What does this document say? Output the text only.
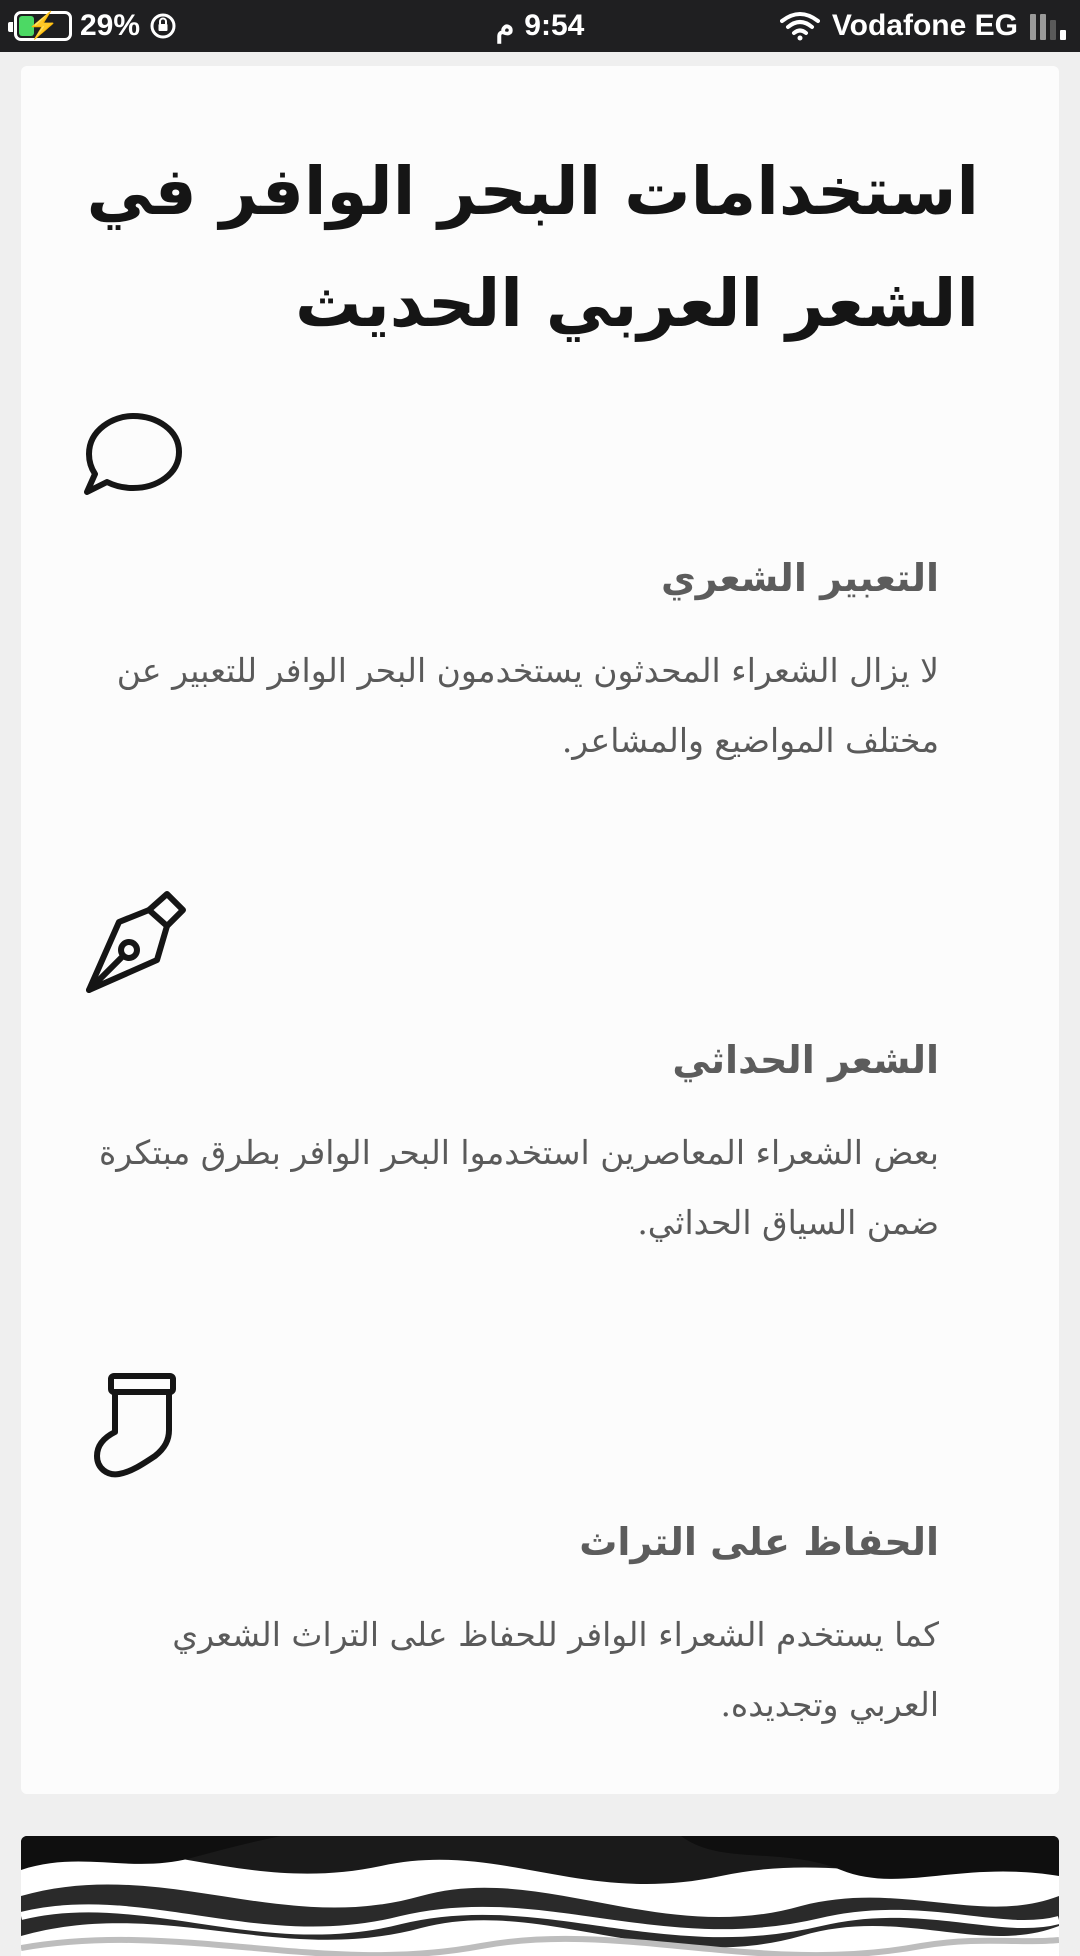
⚡ 29%	م 9:54	Vodafone EG
استخدامات البحر الوافر في الشعر العربي الحديث
التعبير الشعري
لا يزال الشعراء المحدثون يستخدمون البحر الوافر للتعبير عن مختلف المواضيع والمشاعر.
الشعر الحداثي
بعض الشعراء المعاصرين استخدموا البحر الوافر بطرق مبتكرة ضمن السياق الحداثي.
الحفاظ على التراث
كما يستخدم الشعراء الوافر للحفاظ على التراث الشعري العربي وتجديده.
